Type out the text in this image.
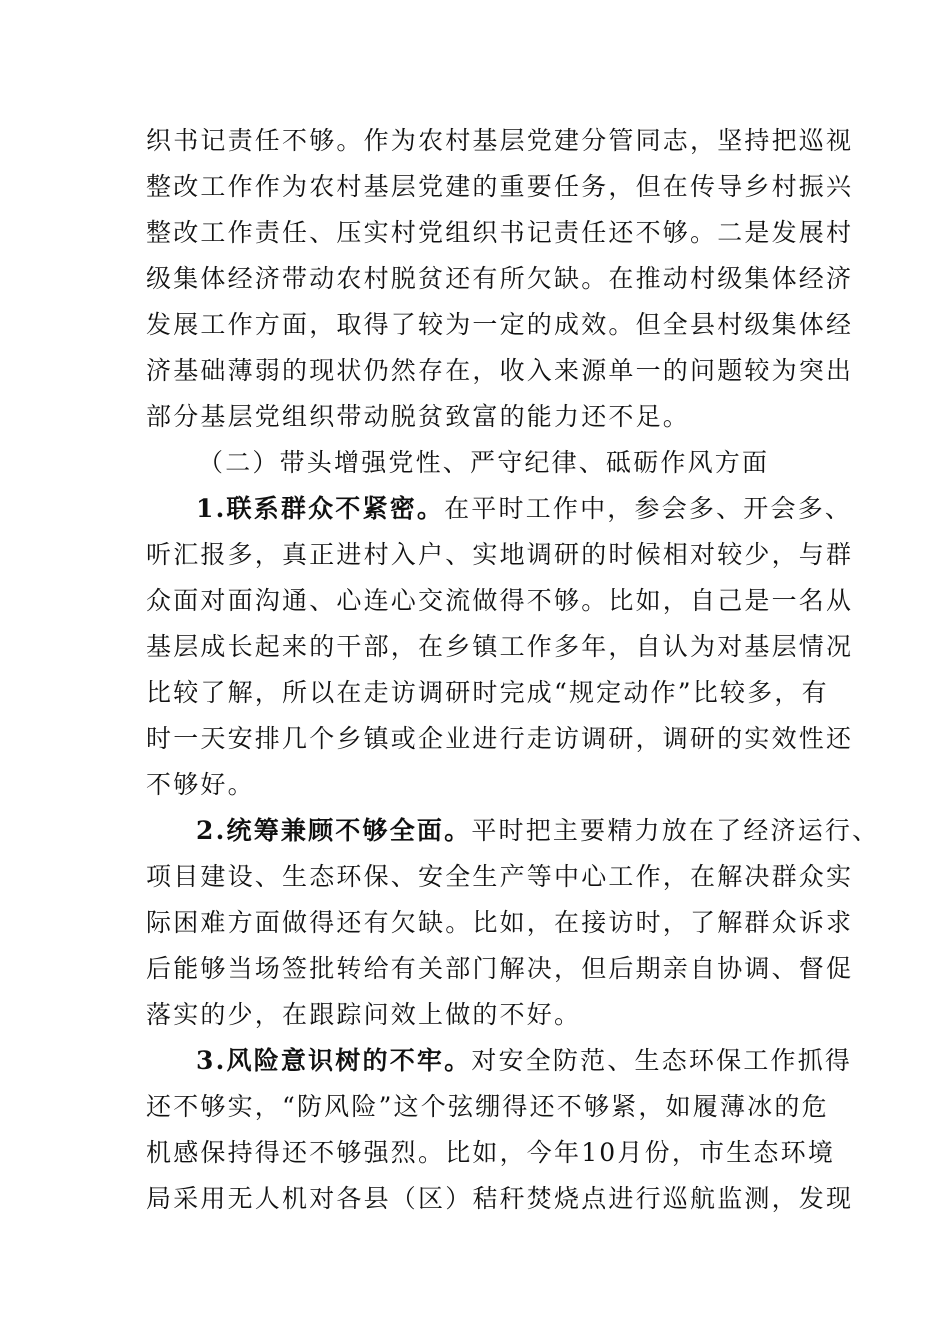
织书记责任不够。作为农村基层党建分管同志，坚持把巡视
整改工作作为农村基层党建的重要任务，但在传导乡村振兴
整改工作责任、压实村党组织书记责任还不够。二是发展村
级集体经济带动农村脱贫还有所欠缺。在推动村级集体经济
发展工作方面，取得了较为一定的成效。但全县村级集体经
济基础薄弱的现状仍然存在，收入来源单一的问题较为突出
部分基层党组织带动脱贫致富的能力还不足。
（二）带头增强党性、严守纪律、砥砺作风方面
1.联系群众不紧密。在平时工作中，参会多、开会多、
听汇报多，真正进村入户、实地调研的时候相对较少，与群
众面对面沟通、心连心交流做得不够。比如，自己是一名从
基层成长起来的干部，在乡镇工作多年，自认为对基层情况
比较了解，所以在走访调研时完成“规定动作”比较多，有
时一天安排几个乡镇或企业进行走访调研，调研的实效性还
不够好。
2.统筹兼顾不够全面。平时把主要精力放在了经济运行、
项目建设、生态环保、安全生产等中心工作，在解决群众实
际困难方面做得还有欠缺。比如，在接访时，了解群众诉求
后能够当场签批转给有关部门解决，但后期亲自协调、督促
落实的少，在跟踪问效上做的不好。
3.风险意识树的不牢。对安全防范、生态环保工作抓得
还不够实，“防风险”这个弦绷得还不够紧，如履薄冰的危
机感保持得还不够强烈。比如，今年10月份，市生态环境
局采用无人机对各县（区）秸秆焚烧点进行巡航监测，发现
